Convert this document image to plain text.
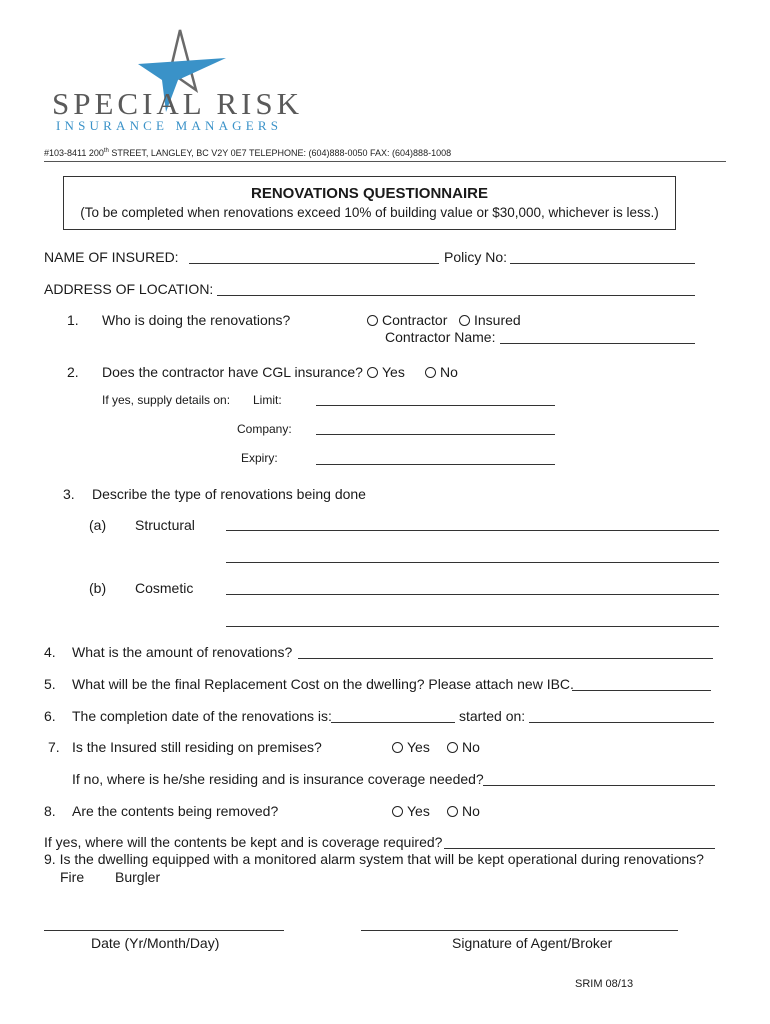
SPECIAL RISK
INSURANCE MANAGERS
#103-8411 200th STREET, LANGLEY, BC V2Y 0E7 TELEPHONE: (604)888-0050 FAX: (604)888-1008
RENOVATIONS QUESTIONNAIRE
(To be completed when renovations exceed 10% of building value or $30,000, whichever is less.)
NAME OF INSURED:	Policy No:
ADDRESS OF LOCATION:
1. Who is doing the renovations?	Contractor	Insured
Contractor Name:
2. Does the contractor have CGL insurance?	Yes	No
If yes, supply details on: Limit:
Company:
Expiry:
3. Describe the type of renovations being done
(a) Structural
(b) Cosmetic
4. What is the amount of renovations?
5. What will be the final Replacement Cost on the dwelling? Please attach new IBC.
6. The completion date of the renovations is:	started on:
7. Is the Insured still residing on premises?	Yes	No
If no, where is he/she residing and is insurance coverage needed?
8. Are the contents being removed?	Yes	No
If yes, where will the contents be kept and is coverage required?
9. Is the dwelling equipped with a monitored alarm system that will be kept operational during renovations?
Fire Burgler
Date (Yr/Month/Day)	Signature of Agent/Broker
SRIM 08/13
